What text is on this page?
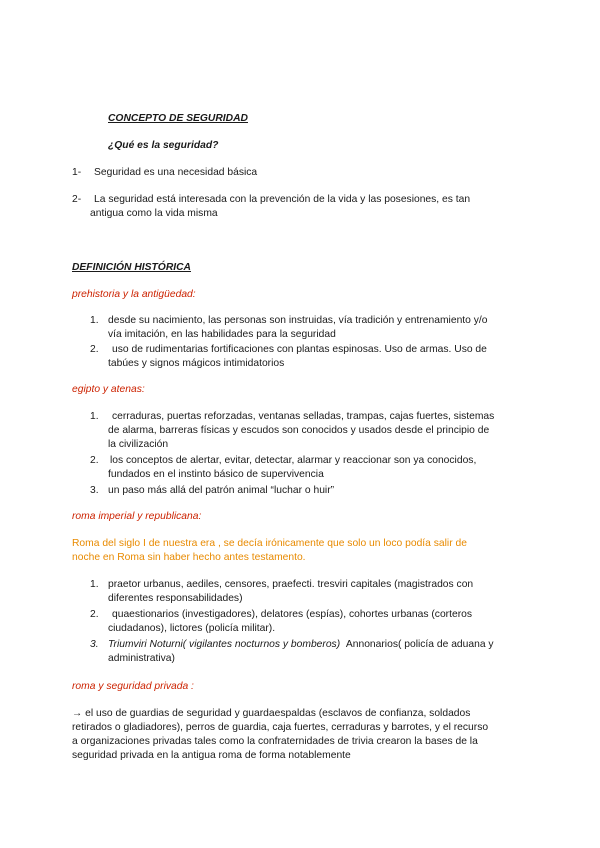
CONCEPTO DE SEGURIDAD
¿Qué es la seguridad?
1- Seguridad es una necesidad básica
2- La seguridad está interesada con la prevención de la vida y las posesiones, es tan
antigua como la vida misma
DEFINICIÓN HISTÓRICA
prehistoria y la antigüedad:
1. desde su nacimiento, las personas son instruidas, vía tradición y entrenamiento y/o
vía imitación, en las habilidades para la seguridad
2. uso de rudimentarias fortificaciones con plantas espinosas. Uso de armas. Uso de
tabúes y signos mágicos intimidatorios
egipto y atenas:
1. cerraduras, puertas reforzadas, ventanas selladas, trampas, cajas fuertes, sistemas
de alarma, barreras físicas y escudos son conocidos y usados desde el principio de
la civilización
2. los conceptos de alertar, evitar, detectar, alarmar y reaccionar son ya conocidos,
fundados en el instinto básico de supervivencia
3. un paso más allá del patrón animal “luchar o huir”
roma imperial y republicana:
Roma del siglo I de nuestra era , se decía irónicamente que solo un loco podía salir de
noche en Roma sin haber hecho antes testamento.
1. praetor urbanus, aediles, censores, praefecti. tresviri capitales (magistrados con
diferentes responsabilidades)
2. quaestionarios (investigadores), delatores (espías), cohortes urbanas (corteros
ciudadanos), lictores (policía militar).
3. Triumviri Noturni( vigilantes nocturnos y bomberos) Annonarios( policía de aduana y
administrativa)
roma y seguridad privada :
→ el uso de guardias de seguridad y guardaespaldas (esclavos de confianza, soldados
retirados o gladiadores), perros de guardia, caja fuertes, cerraduras y barrotes, y el recurso
a organizaciones privadas tales como la confraternidades de trivia crearon la bases de la
seguridad privada en la antigua roma de forma notablemente
